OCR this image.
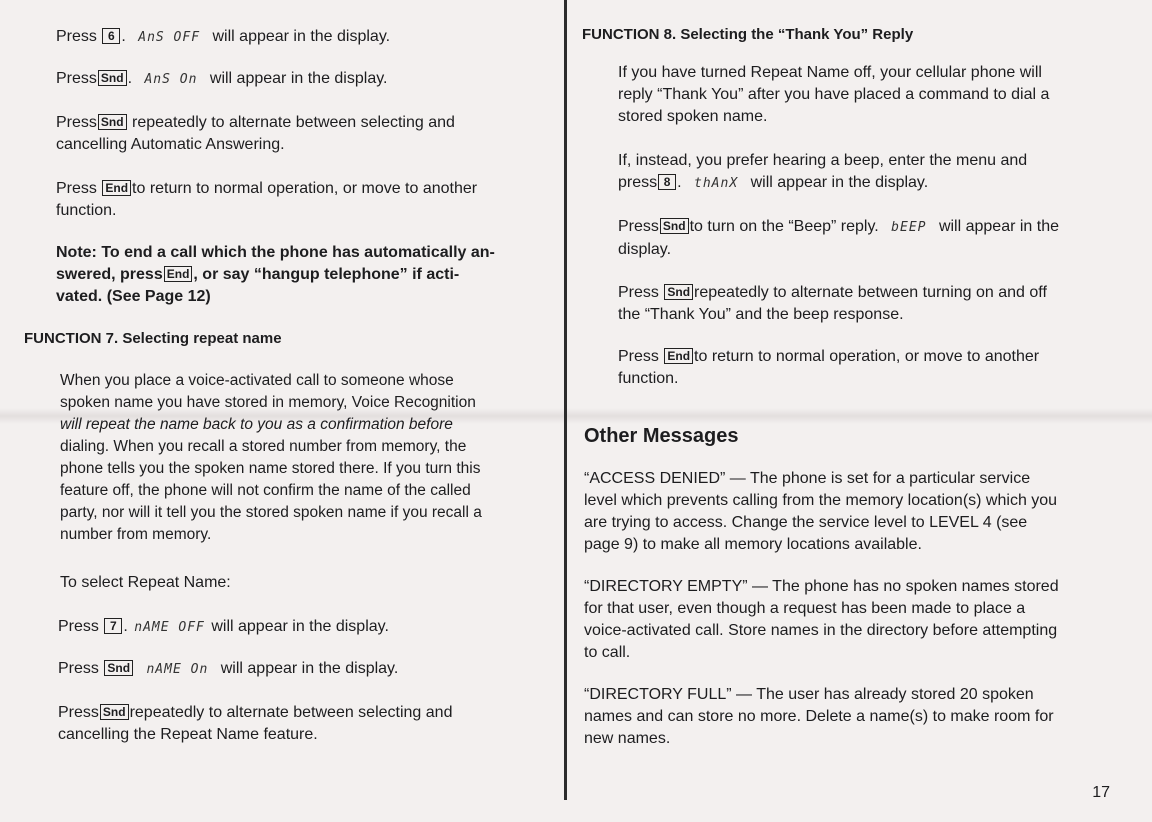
Press 6 . AnS OFF will appear in the display.

Press Snd . AnS On will appear in the display.

Press Snd repeatedly to alternate between selecting and
cancelling Automatic Answering.

Press End to return to normal operation, or move to another
function.

Note: To end a call which the phone has automatically an-
swered, press End , or say “hangup telephone” if acti-
vated. (See Page 12)

FUNCTION 7. Selecting repeat name

When you place a voice-activated call to someone whose
spoken name you have stored in memory, Voice Recognition
will repeat the name back to you as a confirmation before
dialing. When you recall a stored number from memory, the
phone tells you the spoken name stored there. If you turn this
feature off, the phone will not confirm the name of the called
party, nor will it tell you the stored spoken name if you recall a
number from memory.

To select Repeat Name:

Press 7 . nAME OFF will appear in the display.

Press Snd nAME On will appear in the display.

Press Snd repeatedly to alternate between selecting and
cancelling the Repeat Name feature.

FUNCTION 8. Selecting the “Thank You” Reply

If you have turned Repeat Name off, your cellular phone will
reply “Thank You” after you have placed a command to dial a
stored spoken name.

If, instead, you prefer hearing a beep, enter the menu and
press 8 . thAnX will appear in the display.

Press Snd to turn on the “Beep” reply. bEEP will appear in the
display.

Press Snd repeatedly to alternate between turning on and off
the “Thank You” and the beep response.

Press End to return to normal operation, or move to another
function.

Other Messages

“ACCESS DENIED” — The phone is set for a particular service
level which prevents calling from the memory location(s) which you
are trying to access. Change the service level to LEVEL 4 (see
page 9) to make all memory locations available.
“DIRECTORY EMPTY” — The phone has no spoken names stored
for that user, even though a request has been made to place a
voice-activated call. Store names in the directory before attempting
to call.
“DIRECTORY FULL” — The user has already stored 20 spoken
names and can store no more. Delete a name(s) to make room for
new names.
17
